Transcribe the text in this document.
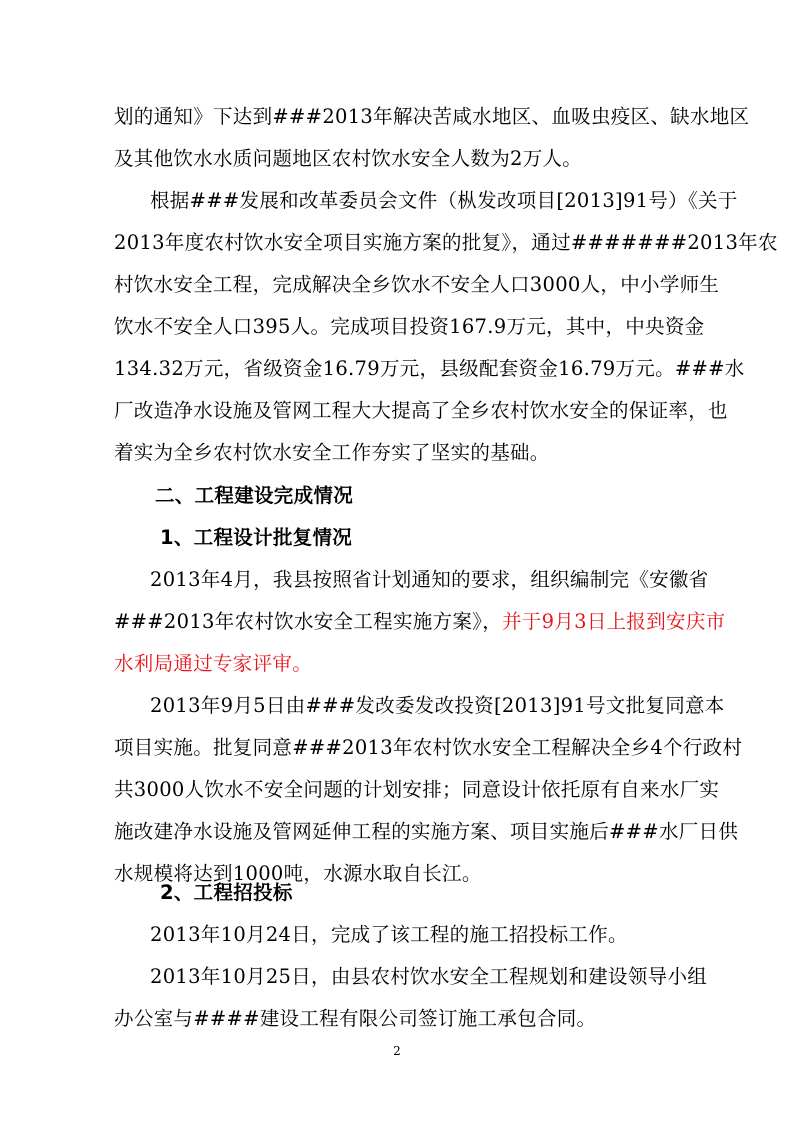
划的通知》下达到###2013年解决苦咸水地区、血吸虫疫区、缺水地区
及其他饮水水质问题地区农村饮水安全人数为2万人。
根据###发展和改革委员会文件（枞发改项目[2013]91号）《关于
2013年度农村饮水安全项目实施方案的批复》，通过#######2013年农
村饮水安全工程，完成解决全乡饮水不安全人口3000人，中小学师生
饮水不安全人口395人。完成项目投资167.9万元，其中，中央资金
134.32万元，省级资金16.79万元，县级配套资金16.79万元。###水
厂改造净水设施及管网工程大大提高了全乡农村饮水安全的保证率，也
着实为全乡农村饮水安全工作夯实了坚实的基础。
二、工程建设完成情况
1、工程设计批复情况
2013年4月，我县按照省计划通知的要求，组织编制完《安徽省
###2013年农村饮水安全工程实施方案》，并于9月3日上报到安庆市
水利局通过专家评审。
2013年9月5日由###发改委发改投资[2013]91号文批复同意本
项目实施。批复同意###2013年农村饮水安全工程解决全乡4个行政村
共3000人饮水不安全问题的计划安排；同意设计依托原有自来水厂实
施改建净水设施及管网延伸工程的实施方案、项目实施后###水厂日供
水规模将达到1000吨，水源水取自长江。
2、工程招投标
2013年10月24日，完成了该工程的施工招投标工作。
2013年10月25日，由县农村饮水安全工程规划和建设领导小组
2
办公室与####建设工程有限公司签订施工承包合同。
